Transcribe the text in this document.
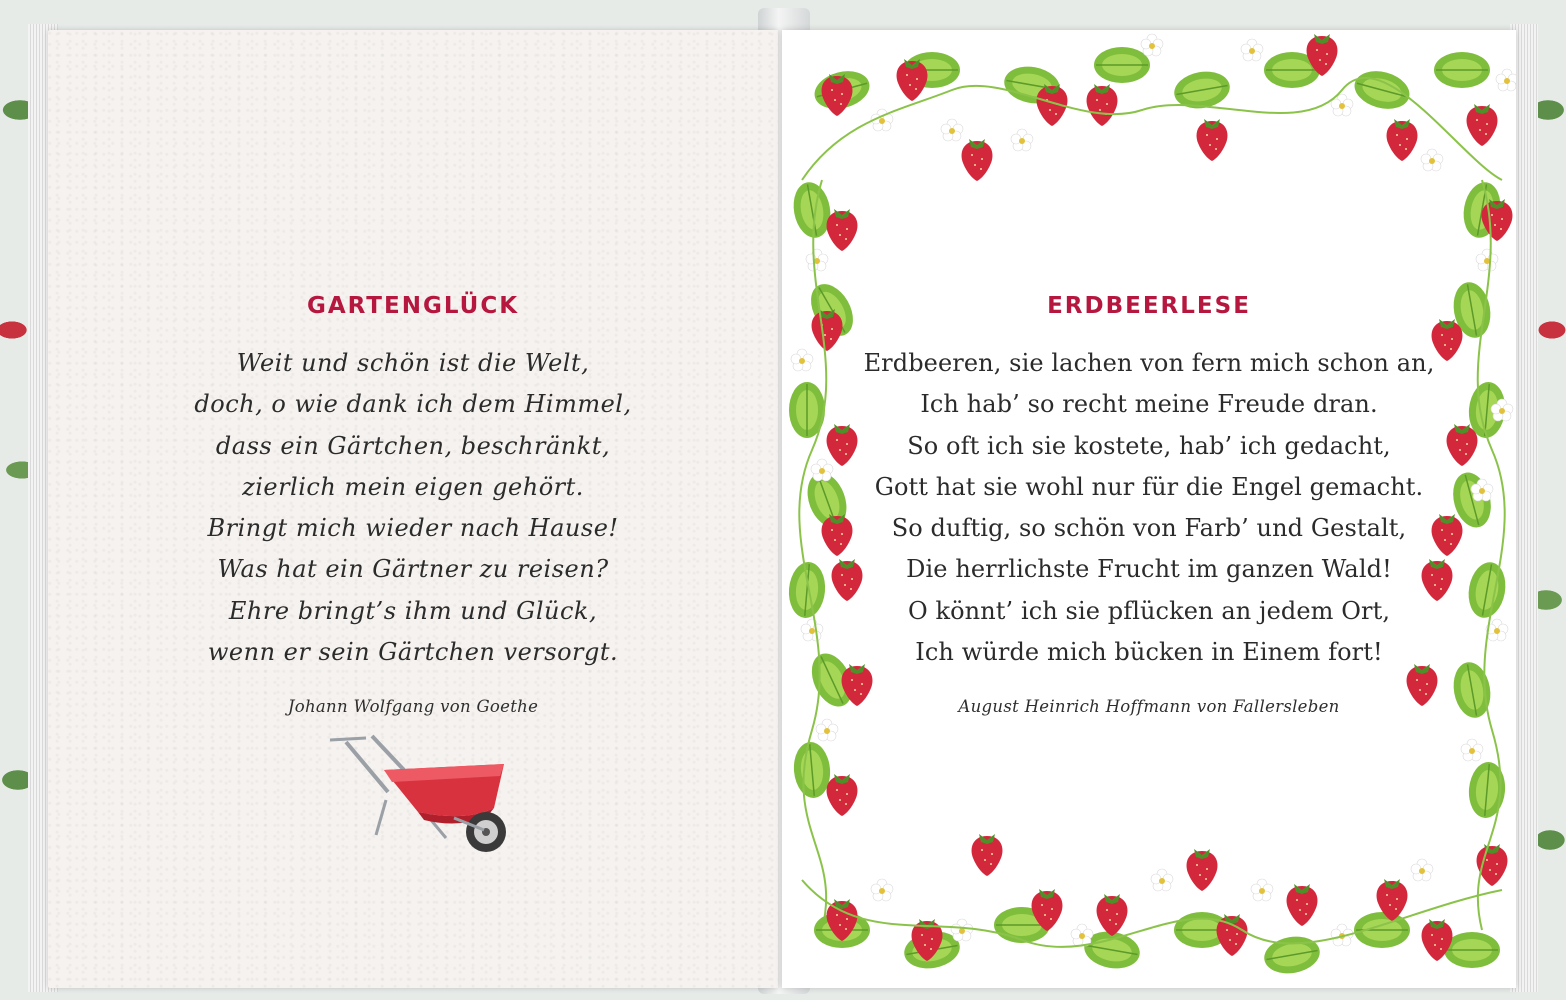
GARTENGLÜCK
Weit und schön ist die Welt,
doch, o wie dank ich dem Himmel,
dass ein Gärtchen, beschränkt,
zierlich mein eigen gehört.
Bringt mich wieder nach Hause!
Was hat ein Gärtner zu reisen?
Ehre bringt’s ihm und Glück,
wenn er sein Gärtchen versorgt.
Johann Wolfgang von Goethe
ERDBEERLESE
Erdbeeren, sie lachen von fern mich schon an,
Ich hab’ so recht meine Freude dran.
So oft ich sie kostete, hab’ ich gedacht,
Gott hat sie wohl nur für die Engel gemacht.
So duftig, so schön von Farb’ und Gestalt,
Die herrlichste Frucht im ganzen Wald!
O könnt’ ich sie pflücken an jedem Ort,
Ich würde mich bücken in Einem fort!
August Heinrich Hoffmann von Fallersleben
